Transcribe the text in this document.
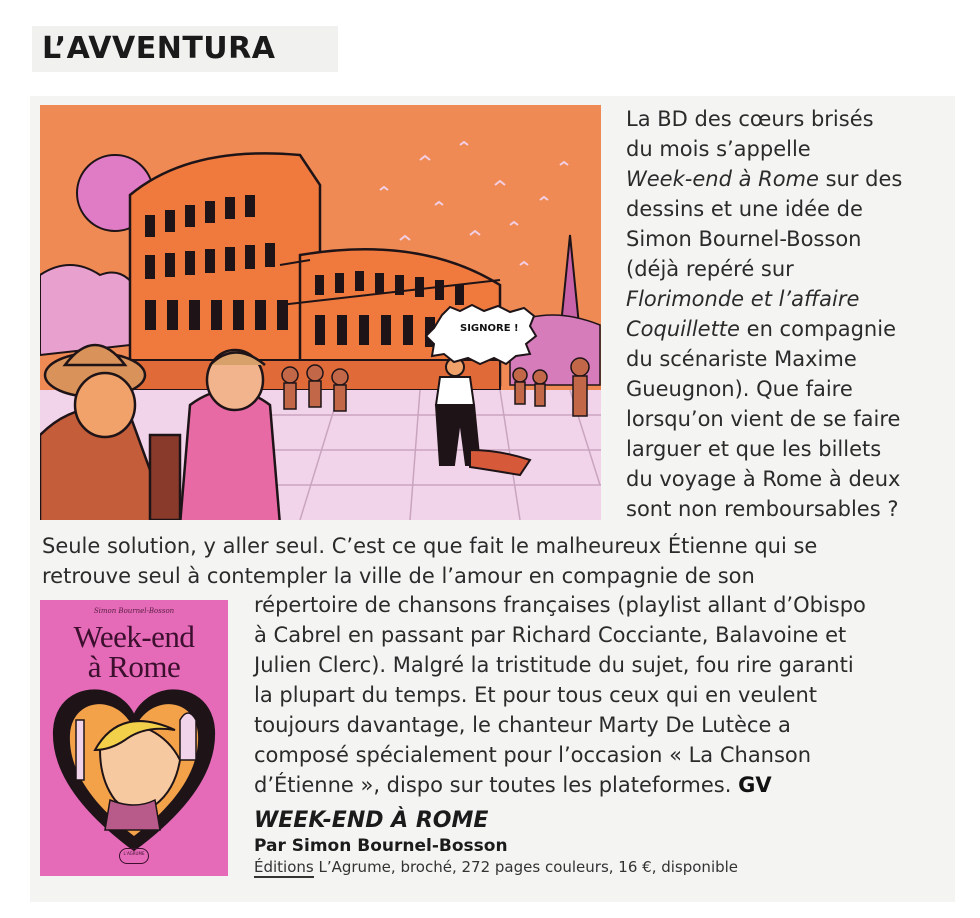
L’AVVENTURA
SIGNORE !
La BD des cœurs brisés
du mois s’appelle
Week-end à Rome sur des
dessins et une idée de
Simon Bournel-Bosson
(déjà repéré sur
Florimonde et l’affaire
Coquillette en compagnie
du scénariste Maxime
Gueugnon). Que faire
lorsqu’on vient de se faire
larguer et que les billets
du voyage à Rome à deux
sont non remboursables ?
Seule solution, y aller seul. C’est ce que fait le malheureux Étienne qui se
retrouve seul à contempler la ville de l’amour en compagnie de son
répertoire de chansons françaises (playlist allant d’Obispo
à Cabrel en passant par Richard Cocciante, Balavoine et
Julien Clerc). Malgré la tristitude du sujet, fou rire garanti
la plupart du temps. Et pour tous ceux qui en veulent
toujours davantage, le chanteur Marty De Lutèce a
composé spécialement pour l’occasion « La Chanson
d’Étienne », dispo sur toutes les plateformes. GV
Simon Bournel-Bosson
Week-end
à Rome
L’AGRUME
WEEK-END À ROME
Par Simon Bournel-Bosson
Éditions L’Agrume, broché, 272 pages couleurs, 16 €, disponible
